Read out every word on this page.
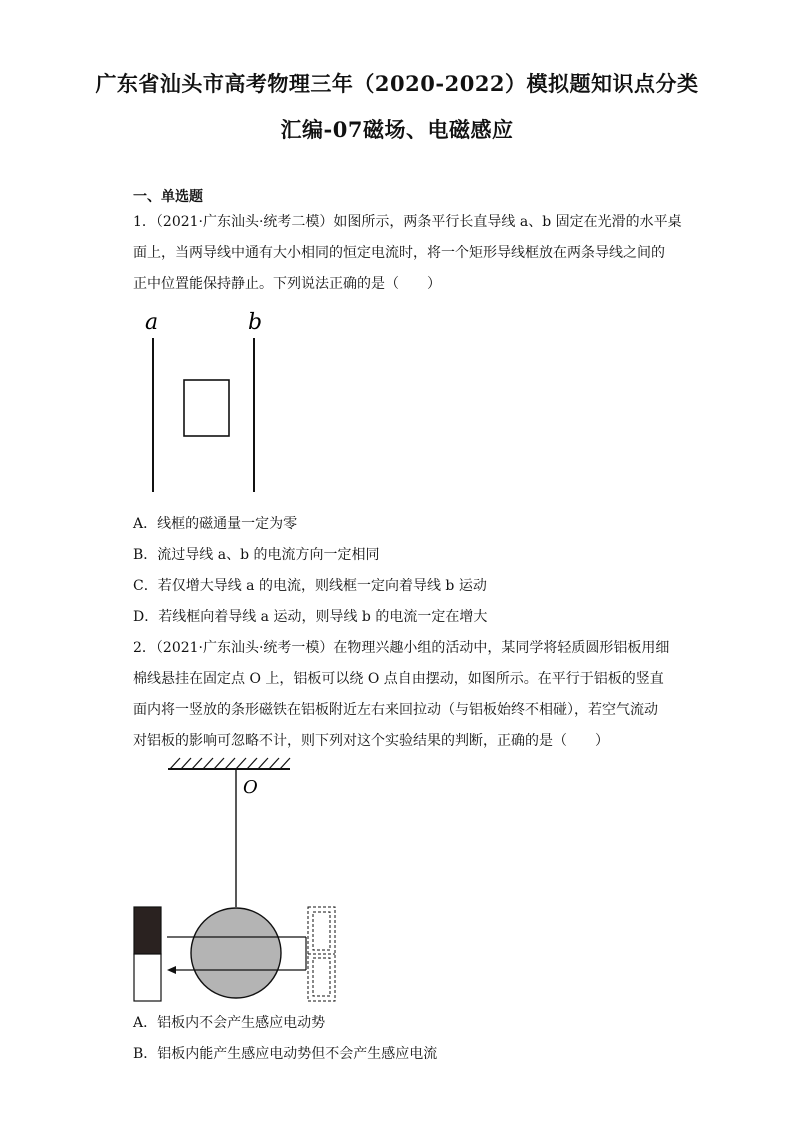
广东省汕头市高考物理三年（2020-2022）模拟题知识点分类
汇编-07磁场、电磁感应
一、单选题
1．（2021·广东汕头·统考二模）如图所示，两条平行长直导线 a、b 固定在光滑的水平桌
面上，当两导线中通有大小相同的恒定电流时，将一个矩形导线框放在两条导线之间的
正中位置能保持静止。下列说法正确的是（　　）
a	b
A．线框的磁通量一定为零
B．流过导线 a、b 的电流方向一定相同
C．若仅增大导线 a 的电流，则线框一定向着导线 b 运动
D．若线框向着导线 a 运动，则导线 b 的电流一定在增大
2．（2021·广东汕头·统考一模）在物理兴趣小组的活动中，某同学将轻质圆形铝板用细
棉线悬挂在固定点 O 上，铝板可以绕 O 点自由摆动，如图所示。在平行于铝板的竖直
面内将一竖放的条形磁铁在铝板附近左右来回拉动（与铝板始终不相碰），若空气流动
对铝板的影响可忽略不计，则下列对这个实验结果的判断，正确的是（　　）
O
A．铝板内不会产生感应电动势
B．铝板内能产生感应电动势但不会产生感应电流
